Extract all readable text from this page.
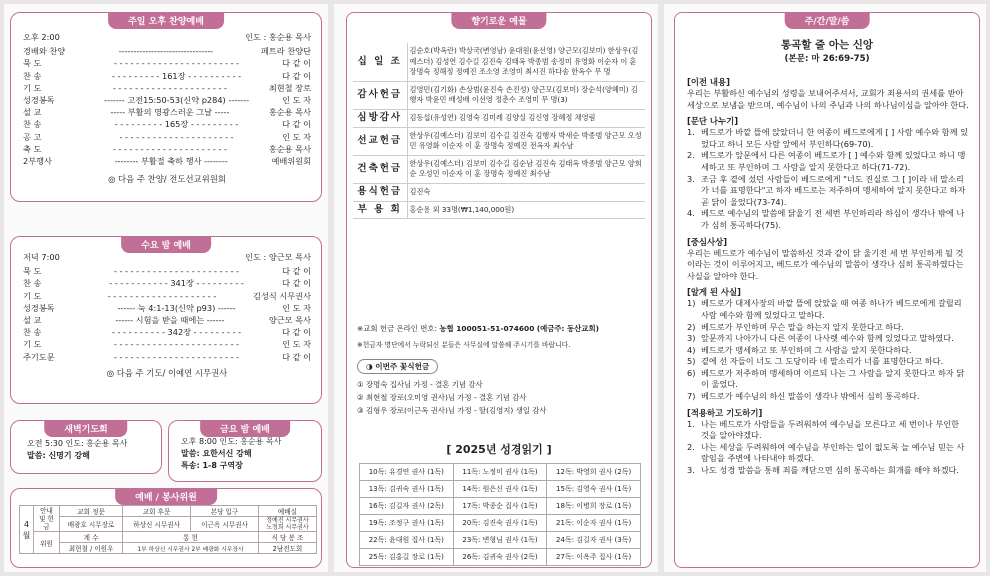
주일 오후 찬양예배
오후 2:00	인도 : 홍순용 목사
경배와 찬양	--------------------------------	페트라 찬양단
묵 도	- - - - - - - - - - - - - - - - - - - - - - -	다 같 이
찬 송	- - - - - - - - - 161장 - - - - - - - - - -	다 같 이
기 도	- - - - - - - - - - - - - - - - - - - - -	최현철 장로
성경봉독	------- 고전15:50-53(신약 p284) -------	인 도 자
설 교	----- 부활의 영광스러운 그날 -----	홍순용 목사
찬 송	- - - - - - - - - 165장 - - - - - - - - -	다 같 이
공 고	- - - - - - - - - - - - - - - - - - - - -	인 도 자
축 도	- - - - - - - - - - - - - - - - - - - - -	홍순용 목사
2부행사	-------- 부활절 축하 행사 --------	예배위원회
◎ 다음 주 찬양/ 전도선교위원회
수요 밤 예배
저녁 7:00	인도 : 양근모 목사
묵 도	- - - - - - - - - - - - - - - - - - - - - - -	다 같 이
찬 송	- - - - - - - - - - - 341장 - - - - - - - - -	다 같 이
기 도	- - - - - - - - - - - - - - - - - - - -	김성식 시무권사
성경봉독	------ 눅 4:1-13(신약 p93) ------	인 도 자
설 교	------ 시험을 받을 때에는 ------	양근모 목사
찬 송	- - - - - - - - - - 342장 - - - - - - - - -	다 같 이
기 도	- - - - - - - - - - - - - - - - - - - - - - -	인 도 자
주기도문	- - - - - - - - - - - - - - - - - - - - - - -	다 같 이
◎ 다음 주 기도/ 이예연 시무권사
새벽기도회
오전 5:30 인도: 홍순용 목사
말씀: 신명기 강해
금요 밤 예배
오후 8:00 인도: 홍순용 목사
말씀: 요한서신 강해
특송: 1-8 구역장
예배 / 봉사위원
4
월	안내 및 헌금	교회 정문	교회 후문	본당 입구	예배실
		배광호 시무장로	하상신 시무권사	이근옥 시무권사	정예진 시무권사
노정희 시무권사
	위원	계 수	통 헌		식 당 봉 조
		최현철 / 이원우	1부 하상신 시무권사 2부 배광화 시무장사		2남전도회
향기로운 예물
십 일 조	김순호(박옥란) 박상국(변영남) 윤대원(윤선영) 양근모(김보미) 한상우(김예스더) 김성연 김수길 김진숙 김태옥 박종범 송정미 유영화 이순자 이 훈 장명숙 정해정 정예진 조소영 조영미 최시진 하다솜 한옥수 무 명
감사헌금	김영민(김기화) 손상범(윤진숙 손진성) 양근모(김보미) 장순석(양혜미) 김행자 박윤민 배성배 이선영 정춘수 조영미 무 명(3)
심방감사	김동섭(유성연) 김영숙 김미례 김양실 김신영 장혜정 채영림
선교헌금	한상우(김예스더) 김보미 김수길 김진숙 김행자 박새순 박종범 양근모 오성민 유영화 이순자 이 훈 장명숙 정예진 전옥자 최수남
건축헌금	한상우(김예스더) 김보미 김수길 김순남 김진숙 김태옥 박종범 양근모 양희순 오성민 이순자 이 훈 장명숙 정예진 최수남
용식헌금	김진숙
부 용 회	홍순용 외 33명(₩1,140,000원)
※교회 헌금 온라인 번호: 농협 100051-51-074600 (예금주: 동산교회)
※헌금자 명단에서 누락되신 분들은 사무실에 말씀해 주시기를 바랍니다.
◑ 이번주 꽃식헌금
① 장명숙 집사님 가정 - 결혼 기념 감사
② 최현철 장로(오미영 권사)님 가정 - 결혼 기념 감사
③ 김형우 장로(이근옥 권사)님 가정 - 딸(김영지) 생일 감사
[ 2025년 성경읽기 ]
10독: 유경연 권사 (1독)	11독: 노정미 권사 (1독)	12독: 박영희 권사 (2독)
13독: 김귀숙 권사 (1독)	14독: 원은신 권사 (1독)	15독: 김영숙 권사 (1독)
16독: 김길자 권사 (2독)	17독: 박종순 집사 (1독)	18독: 이병희 장로 (1독)
19독: 조정구 권사 (1독)	20독: 김진숙 권사 (1독)	21독: 이순자 권사 (1독)
22독: 윤대원 집사 (1독)	23독: 변형님 권사 (1독)	24독: 김길자 권사 (3독)
25독: 김홍길 장로 (1독)	26독: 김귀숙 권사 (2독)	27독: 이옥주 집사 (1독)
주/간/말/씀
통곡할 줄 아는 신앙
(본문: 마 26:69-75)
[이전 내용]
우리는 부활하신 예수님의 성령을 보내어주셔서, 교회가 죄용서의 권세를 받아 세상으로 보냄을 받으며, 예수님이 나의 주님과 나의 하나님이심을 알아야 한다.
[문단 나누기]
1. 베드로가 바깥 뜰에 앉았더니 한 여종이 베드로에게 [ ] 사람 예수와 함께 있었다고 하니 모든 사람 앞에서 부인하다(69-70).
2. 베드로가 앞문에서 다른 여종이 베드로가 [ ] 예수와 함께 있었다고 하니 맹세하고 또 부인하며 그 사람을 알지 못한다고 하다(71-72).
3. 조금 후 곁에 섰던 사람들이 베드로에게 "너도 진실로 그 [ ]이라 네 말소리가 너를 표명한다"고 하자 베드로는 저주하며 맹세하여 알지 못한다고 하자 곧 닭이 울었다(73-74).
4. 베드로 예수님의 말씀에 닭울기 전 세번 부인하리라 하심이 생각나 밖에 나가 심히 통곡하다(75).
[중심사상]
우리는 베드로가 예수님이 말씀하신 것과 같이 닭 울기전 세 번 부인하게 될 것이라는 것이 이루어지고, 베드로가 예수님의 말씀이 생각나 심히 통곡하였다는 사실을 알아야 한다.
[알게 된 사실]
1) 베드로가 대제사장의 바깥 뜰에 앉았을 때 여종 하나가 베드로에게 갈릴리 사람 예수와 함께 있었다고 말하다.
2) 베드로가 부인하며 무슨 말을 하는지 알지 못한다고 하다.
3) 앞문까지 나아가니 다른 여종이 나사렛 예수와 함께 있었다고 말하였다.
4) 베드로가 맹세하고 또 부인하며 그 사람을 알지 못한다하다.
5) 곁에 선 자들이 너도 그 도당이라 네 말소리가 너를 표명한다고 하다.
6) 베드로가 저주하며 맹세하며 이르되 나는 그 사람을 알지 못한다고 하자 닭이 울었다.
7) 베드로가 예수님의 하신 말씀이 생각나 밖에서 심히 통곡하다.
[적용하고 기도하기]
1. 나는 베드로가 사람들을 두려워하여 예수님을 모른다고 세 번이나 부인한 것을 알아야겠다.
2. 나는 세상을 두려워하여 예수님을 부인하는 일이 없도록 늘 예수님 믿는 사람임을 주변에 나타내야 하겠다.
3. 나도 성경 말씀을 통해 죄를 깨닫으면 심히 통곡하는 회개를 해야 하겠다.
